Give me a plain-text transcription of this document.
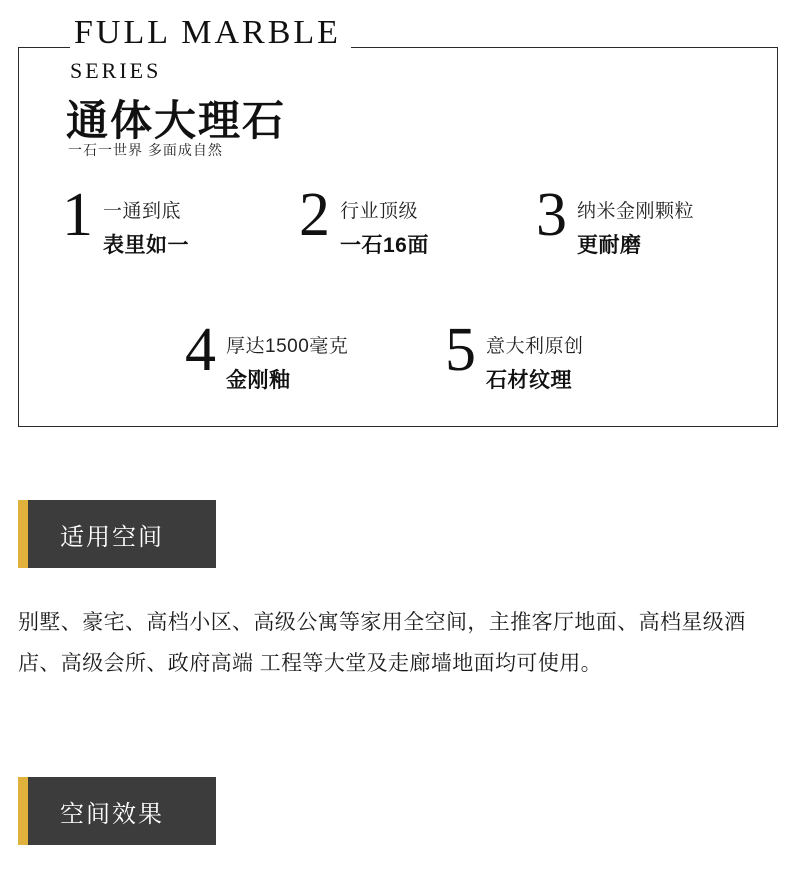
FULL MARBLE
SERIES
通体大理石
一石一世界 多面成自然
1 一通到底
表里如一 2 行业顶级
一石16面 3 纳米金刚颗粒
更耐磨
4 厚达1500毫克
金刚釉	5 意大利原创
石材纹理
适用空间
别墅、豪宅、高档小区、高级公寓等家用全空间，主推客厅地面、高档星级酒店、高级会所、政府高端 工程等大堂及走廊墙地面均可使用。
空间效果
